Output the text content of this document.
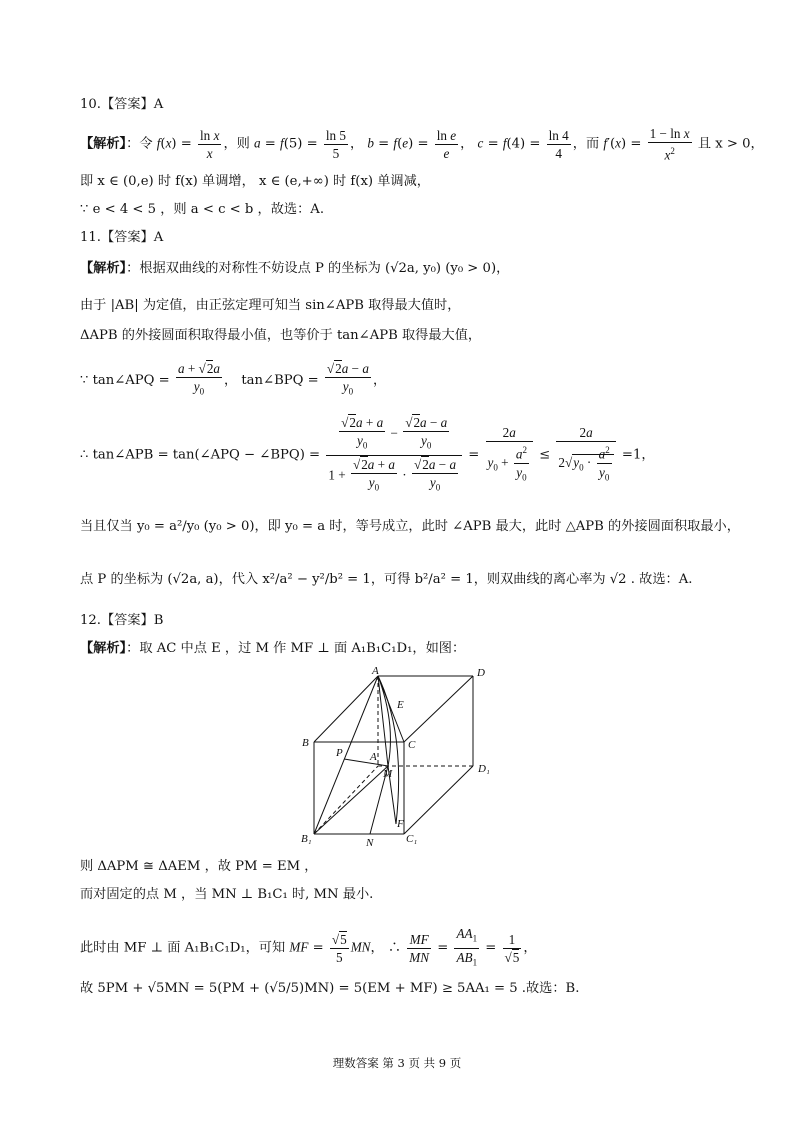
10.【答案】A
【解析】：令 $f(x) = \frac{\text{ln x}}{x}$ ，则 $a = f(5) = \frac{\ln 5}{5}$ ， $b = f(e) = \frac{\text{ln e}}{e}$ ， $c = f(4) = \frac{\ln 4}{4}$ ，而 $f'(x) = \frac{\text{1 − ln x}}{x^2}$ 且 x > 0，
即 x ∈ (0,e) 时 f(x) 单调增， x ∈ (e,+∞) 时 f(x) 单调减，
∵ e < 4 < 5 ，则 a < c < b ，故选：A.
11.【答案】A
【解析】：根据双曲线的对称性不妨设点 P 的坐标为 (√2a, y₀) (y₀ > 0)，
由于 |AB| 为定值，由正弦定理可知当 sin∠APB 取得最大值时，
ΔAPB 的外接圆面积取得最小值，也等价于 tan∠APB 取得最大值，
∵ tan∠APQ = $\frac{a + √2a}{y_0}$ ， tan∠BPQ = $\frac{√2a - a}{y_0}$ ，
∴ tan∠APB = tan(∠APQ − ∠BPQ) = $\frac{\frac{√2a + a}{y_0} - \frac{√2a - a}{y_0}}{1 + \frac{√2a + a}{y_0} \cdot \frac{√2a - a}{y_0}} = \frac{2a}{y_0 + \frac{a^2}{y_0}} \le \frac{2a}{2√y_0 \cdot \frac{a^2}{y_0}} =1$，
当且仅当 y₀ = a²/y₀ (y₀ > 0)，即 y₀ = a 时，等号成立，此时 ∠APB 最大，此时 △APB 的外接圆面积取最小，
点 P 的坐标为 (√2a, a)，代入 x²/a² − y²/b² = 1，可得 b²/a² = 1，则双曲线的离心率为 √2 . 故选：A.
12.【答案】B
【解析】：取 AC 中点 E ，过 M 作 MF ⊥ 面 A₁B₁C₁D₁，如图：
A	D
E
B	C
P A
M	D₁
B₁	N
F
C₁
则 ΔAPM ≅ ΔAEM ，故 PM = EM ，
而对固定的点 M ，当 MN ⊥ B₁C₁ 时, MN 最小.
此时由 MF ⊥ 面 A₁B₁C₁D₁，可知 MF = $\frac{√5}{5}$ MN， ∴ $\frac{MF}{MN} = \frac{AA_1}{AB_1} = \frac{1}{√5}$ ，
故 5PM + √5MN = 5(PM + (√5/5)MN) = 5(EM + MF) ≥ 5AA₁ = 5 .故选：B.
理数答案 第 3 页 共 9 页
